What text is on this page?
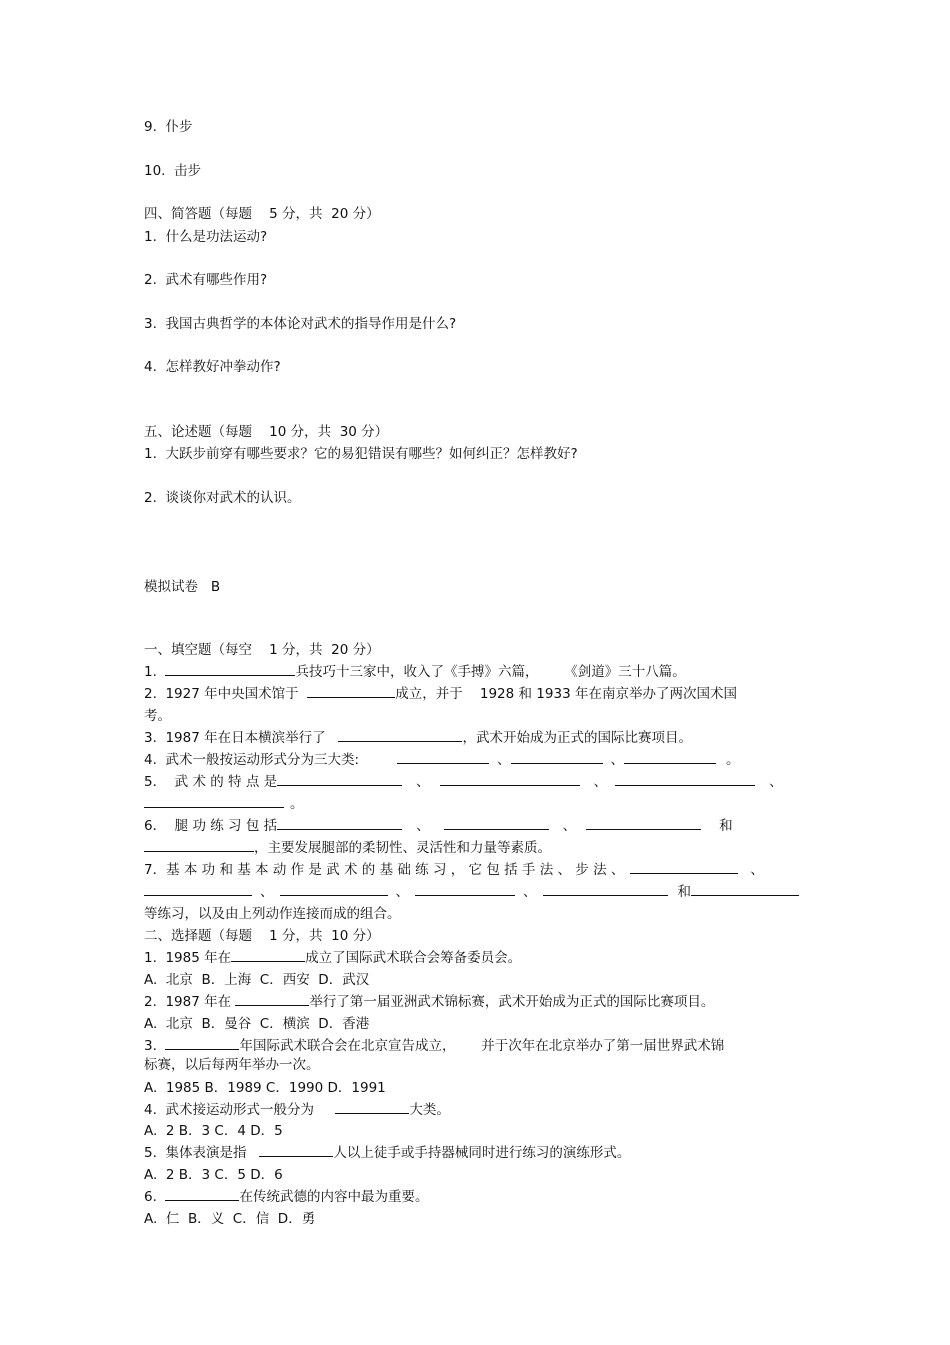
9.  仆步
10.  击步
四、简答题（每题    5 分，共  20 分）
1.  什么是功法运动?
2.  武术有哪些作用?
3.  我国古典哲学的本体论对武术的指导作用是什么?
4.  怎样教好冲拳动作?
五、论述题（每题    10 分，共  30 分）
1.  大跃步前穿有哪些要求？它的易犯错误有哪些？如何纠正？怎样教好?
2.  谈谈你对武术的认识。
模拟试卷   B
一、填空题（每空    1 分，共  20 分）
1.	兵技巧十三家中，收入了《手搏》六篇，      《剑道》三十八篇。
2.  1927 年中央国术馆于	成立，并于    1928 和 1933 年在南京举办了两次国术国
考。
3.  1987 年在日本横滨举行了	，武术开始成为正式的国际比赛项目。
4.  武术一般按运动形式分为三大类:	、	、	。
5．  武 术 的 特 点 是	、	、	、
。
6．  腿 功 练 习 包 括	、	、	和
，主要发展腿部的柔韧性、灵活性和力量等素质。
7．基 本 功 和 基 本 动 作 是 武 术 的 基 础 练 习 ， 它 包 括 手 法 、 步 法 、	、
、	、	、	和
等练习，以及由上列动作连接而成的组合。
二、选择题（每题    1 分，共  10 分）
1.  1985 年在	成立了国际武术联合会筹备委员会。
A.  北京  B．上海  C．西安  D．武汉
2.  1987 年在	举行了第一届亚洲武术锦标赛，武术开始成为正式的国际比赛项目。
A.  北京  B．曼谷  C．横滨  D．香港
3.	年国际武术联合会在北京宣告成立，      并于次年在北京举办了第一届世界武术锦
标赛，以后每两年举办一次。
A.  1985 B．1989 C．1990 D．1991
4.  武术接运动形式一般分为	大类。
A.  2 B．3 C．4 D．5
5.  集体表演是指	人以上徒手或手持器械同时进行练习的演练形式。
A.  2 B．3 C．5 D．6
6.	在传统武德的内容中最为重要。
A.  仁  B．义  C．信  D．勇
